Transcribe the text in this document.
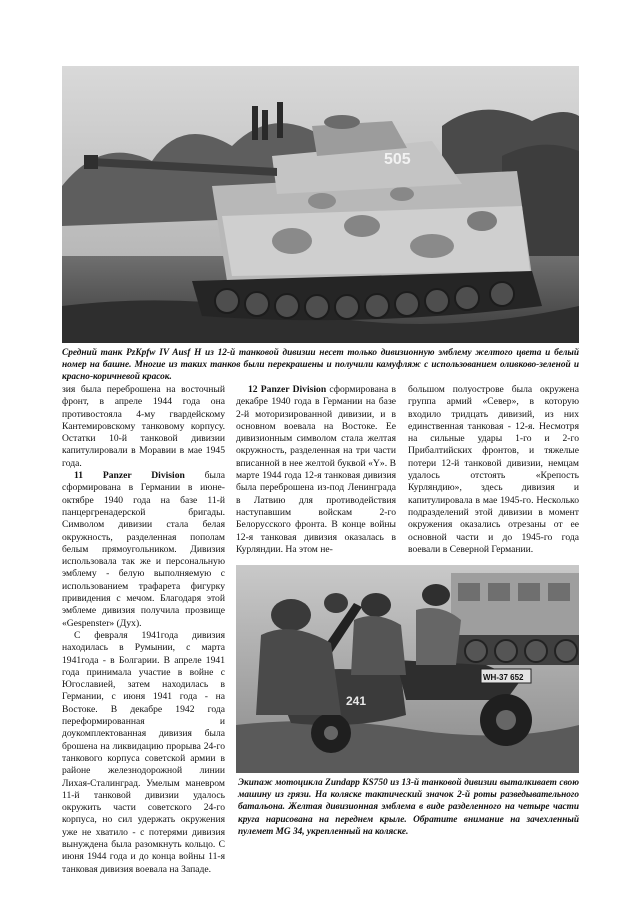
505

Средний танк PzKpfw IV Ausf H из 12-й танковой дивизии несет только дивизионную эмблему желтого цвета и белый номер на башне. Многие из таких танков были перекрашены и получили камуфляж с использованием оливково-зеленой и красно-коричневой красок.

зия была переброшена на восточный фронт, в апреле 1944 года она противостояла 4-му гвардейскому Кантемировскому танковому корпусу. Остатки 10-й танковой дивизии капитулировали в Моравии в мае 1945 года.

11 Panzer Division была сформирована в Германии в июне-октябре 1940 года на базе 11-й панцергренадерской бригады. Символом дивизии стала белая окружность, разделенная пополам белым прямоугольником. Дивизия использовала так же и персональную эмблему - белую выполняемую с использованием трафарета фигурку привидения с мечом. Благодаря этой эмблеме дивизия получила прозвище «Gespenster» (Дух).

С февраля 1941года дивизия находилась в Румынии, с марта 1941года - в Болгарии. В апреле 1941 года принимала участие в войне с Югославией, затем находилась в Германии, с июня 1941 года - на Востоке. В декабре 1942 года переформированная и доукомплектованная дивизия была брошена на ликвидацию прорыва 24-го танкового корпуса советской армии в районе железнодорожной линии Лихая-Сталинград. Умелым маневром 11-й танковой дивизии удалось окружить части советского 24-го корпуса, но сил удержать окружения уже не хватило - с потерями дивизия вынуждена была разомкнуть кольцо. С июня 1944 года и до конца войны 11-я танковая дивизия воевала на Западе.

12 Panzer Division сформирована в декабре 1940 года в Германии на базе 2-й моторизированной дивизии, и в основном воевала на Востоке. Ее дивизионным символом стала желтая окружность, разделенная на три части вписанной в нее желтой буквой «Y». В марте 1944 года 12-я танковая дивизия была переброшена из-под Ленинграда в Латвию для противодействия наступавшим войскам 2-го Белорусского фронта. В конце войны 12-я танковая дивизия оказалась в Курляндии. На этом не-

большом полуострове была окружена группа армий «Север», в которую входило тридцать дивизий, из них единственная танковая - 12-я. Несмотря на сильные удары 1-го и 2-го Прибалтийских фронтов, и тяжелые потери 12-й танковой дивизии, немцам удалось отстоять «Крепость Курляндию», здесь дивизия и капитулировала в мае 1945-го. Несколько подразделений этой дивизии в момент окружения оказались отрезаны от ее основной части и до 1945-го года воевали в Северной Германии.

241
WH-37 652

Экипаж мотоцикла Zundapp KS750 из 13-й танковой дивизии выталкивает свою машину из грязи. На коляске тактический значок 2-й роты разведывательного батальона. Желтая дивизионная эмблема в виде разделенного на четыре части круга нарисована на переднем крыле. Обратите внимание на зачехленный пулемет MG 34, укрепленный на коляске.
